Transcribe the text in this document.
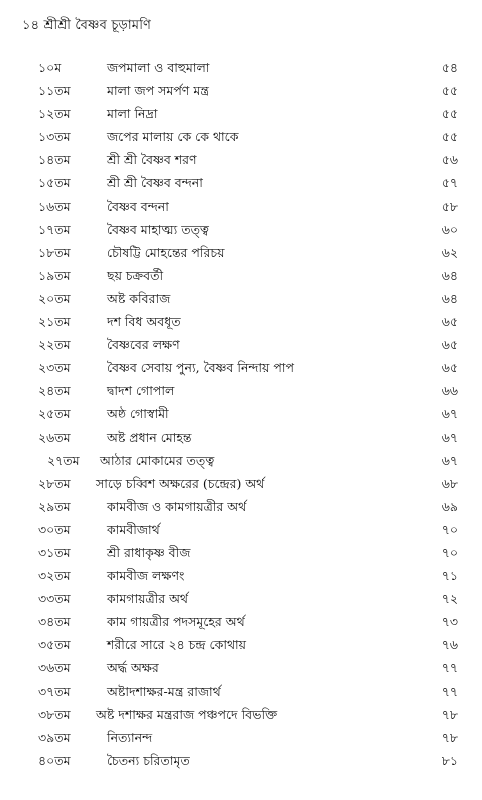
১৪ শ্রীশ্রী বৈষ্ণব চূড়ামণি
১০ম	জপমালা ও বাহুমালা	৫৪
১১তম	মালা জপ সমর্পণ মন্ত্র	৫৫
১২তম	মালা নিদ্রা	৫৫
১৩তম	জপের মালায় কে কে থাকে	৫৫
১৪তম	শ্রী শ্রী বৈষ্ণব শরণ	৫৬
১৫তম	শ্রী শ্রী বৈষ্ণব বন্দনা	৫৭
১৬তম	বৈষ্ণব বন্দনা	৫৮
১৭তম	বৈষ্ণব মাহাত্ম্য তত্ত্ব	৬০
১৮তম	চৌষট্টি মোহন্তের পরিচয়	৬২
১৯তম	ছয় চক্রবর্তী	৬৪
২০তম	অষ্ট কবিরাজ	৬৪
২১তম	দশ বিধ অবধূত	৬৫
২২তম	বৈষ্ণবের লক্ষণ	৬৫
২৩তম	বৈষ্ণব সেবায় পুন্য, বৈষ্ণব নিন্দায় পাপ	৬৫
২৪তম	দ্বাদশ গোপাল	৬৬
২৫তম	অষ্ঠ গোস্বামী	৬৭
২৬তম	অষ্ট প্রধান মোহন্ত	৬৭
২৭তম আঠার মোকামের তত্ত্ব	৬৭
২৮তম সাড়ে চব্বিশ অক্ষরের (চন্দ্রের) অর্থ	৬৮
২৯তম	কামবীজ ও কামগায়ত্রীর অর্থ	৬৯
৩০তম	কামবীজার্থ	৭০
৩১তম	শ্রী রাধাকৃষ্ণ বীজ	৭০
৩২তম	কামবীজ লক্ষণং	৭১
৩৩তম	কামগায়ত্রীর অর্থ	৭২
৩৪তম	কাম গায়ত্রীর পদসমূহের অর্থ	৭৩
৩৫তম	শরীরে সারে ২৪ চন্দ্র কোথায়	৭৬
৩৬তম	অর্দ্ধ অক্ষর	৭৭
৩৭তম	অষ্টাদশাক্ষর-মন্ত্র রাজার্থ	৭৭
৩৮তম অষ্ট দশাক্ষর মন্ত্ররাজ পঞ্চপদে বিভক্তি	৭৮
৩৯তম	নিত্যানন্দ	৭৮
৪০তম	চৈতন্য চরিতামৃত	৮১
